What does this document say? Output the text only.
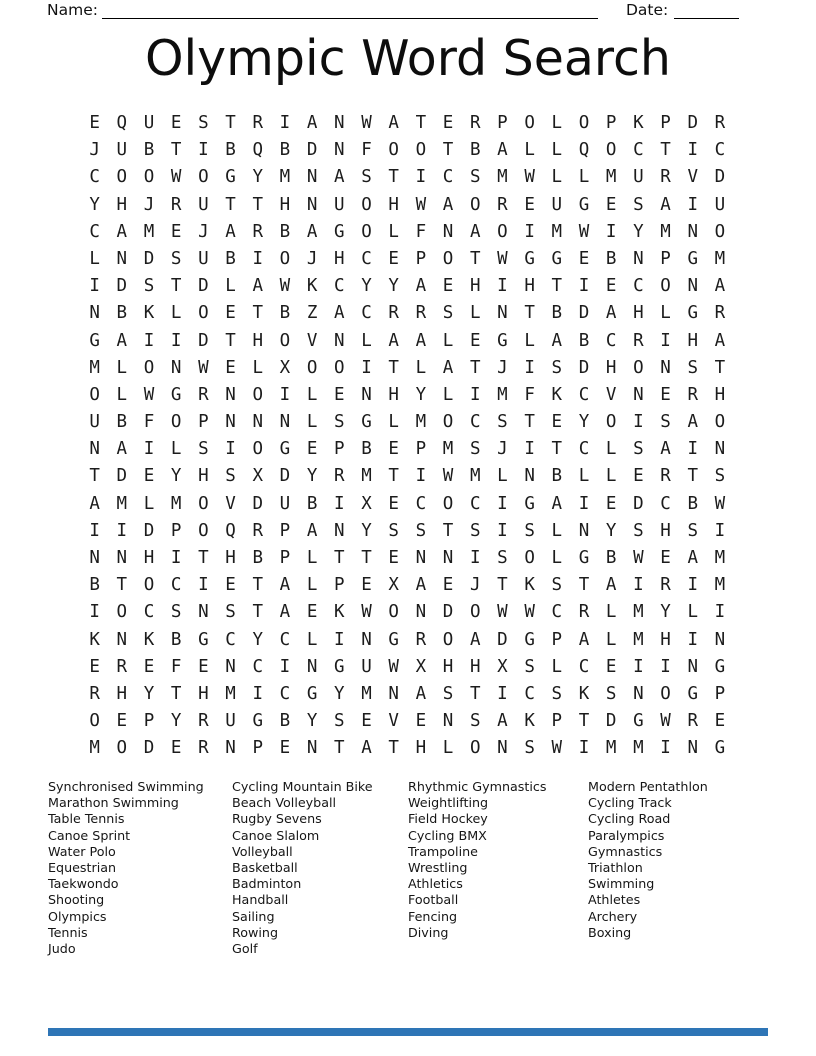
Name:	Date:
Olympic Word Search
E Q U E S T R I A N W A T E R P O L O P K P D R
J U B T I B Q B D N F O O T B A L L Q O C T I C
C O O W O G Y M N A S T I C S M W L L M U R V D
Y H J R U T T H N U O H W A O R E U G E S A I U
C A M E J A R B A G O L F N A O I M W I Y M N O
L N D S U B I O J H C E P O T W G G E B N P G M
I D S T D L A W K C Y Y A E H I H T I E C O N A
N B K L O E T B Z A C R R S L N T B D A H L G R
G A I I D T H O V N L A A L E G L A B C R I H A
M L O N W E L X O O I T L A T J I S D H O N S T
O L W G R N O I L E N H Y L I M F K C V N E R H
U B F O P N N N L S G L M O C S T E Y O I S A O
N A I L S I O G E P B E P M S J I T C L S A I N
T D E Y H S X D Y R M T I W M L N B L L E R T S
A M L M O V D U B I X E C O C I G A I E D C B W
I I D P O Q R P A N Y S S T S I S L N Y S H S I
N N H I T H B P L T T E N N I S O L G B W E A M
B T O C I E T A L P E X A E J T K S T A I R I M
I O C S N S T A E K W O N D O W W C R L M Y L I
K N K B G C Y C L I N G R O A D G P A L M H I N
E R E F E N C I N G U W X H H X S L C E I I N G
R H Y T H M I C G Y M N A S T I C S K S N O G P
O E P Y R U G B Y S E V E N S A K P T D G W R E
M O D E R N P E N T A T H L O N S W I M M I N G
Synchronised Swimming
Marathon Swimming
Table Tennis
Canoe Sprint
Water Polo
Equestrian
Taekwondo
Shooting
Olympics
Tennis
Judo
Cycling Mountain Bike
Beach Volleyball
Rugby Sevens
Canoe Slalom
Volleyball
Basketball
Badminton
Handball
Sailing
Rowing
Golf
Rhythmic Gymnastics
Weightlifting
Field Hockey
Cycling BMX
Trampoline
Wrestling
Athletics
Football
Fencing
Diving
Modern Pentathlon
Cycling Track
Cycling Road
Paralympics
Gymnastics
Triathlon
Swimming
Athletes
Archery
Boxing
